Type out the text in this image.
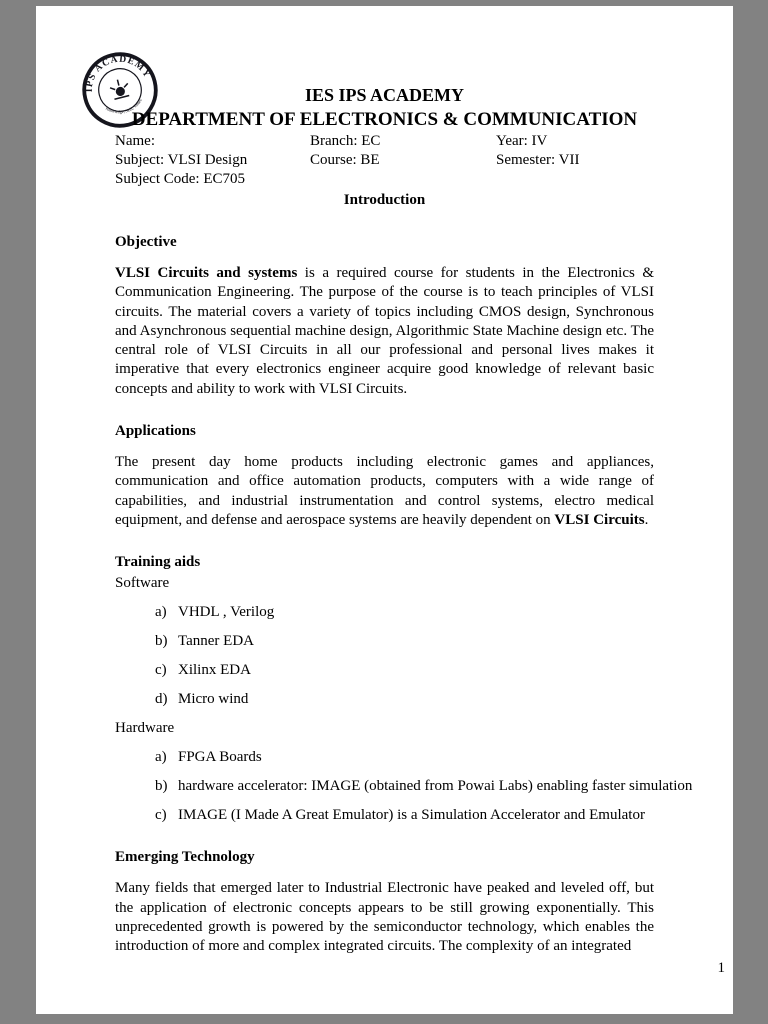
IPS ACADEMY
Knowledge, Skill, Values	IES IPS ACADEMY
DEPARTMENT OF ELECTRONICS & COMMUNICATION
Name:	Branch: EC	Year: IV
Subject: VLSI Design	Course: BE	Semester: VII
Subject Code: EC705
Introduction
Objective

VLSI Circuits and systems is a required course for students in the Electronics & Communication Engineering. The purpose of the course is to teach principles of VLSI circuits. The material covers a variety of topics including CMOS design, Synchronous and Asynchronous sequential machine design, Algorithmic State Machine design etc. The central role of VLSI Circuits in all our professional and personal lives makes it imperative that every electronics engineer acquire good knowledge of relevant basic concepts and ability to work with VLSI Circuits.

Applications

The present day home products including electronic games and appliances, communication and office automation products, computers with a wide range of capabilities, and industrial instrumentation and control systems, electro medical equipment, and defense and aerospace systems are heavily dependent on VLSI Circuits.

Training aids
Software
a) VHDL , Verilog
b) Tanner EDA
c) Xilinx EDA
d) Micro wind
Hardware
a) FPGA Boards
b) hardware accelerator: IMAGE (obtained from Powai Labs) enabling faster simulation
c) IMAGE (I Made A Great Emulator) is a Simulation Accelerator and Emulator
Emerging Technology

Many fields that emerged later to Industrial Electronic have peaked and leveled off, but the application of electronic concepts appears to be still growing exponentially. This unprecedented growth is powered by the semiconductor technology, which enables the introduction of more and complex integrated circuits. The complexity of an integrated

1
